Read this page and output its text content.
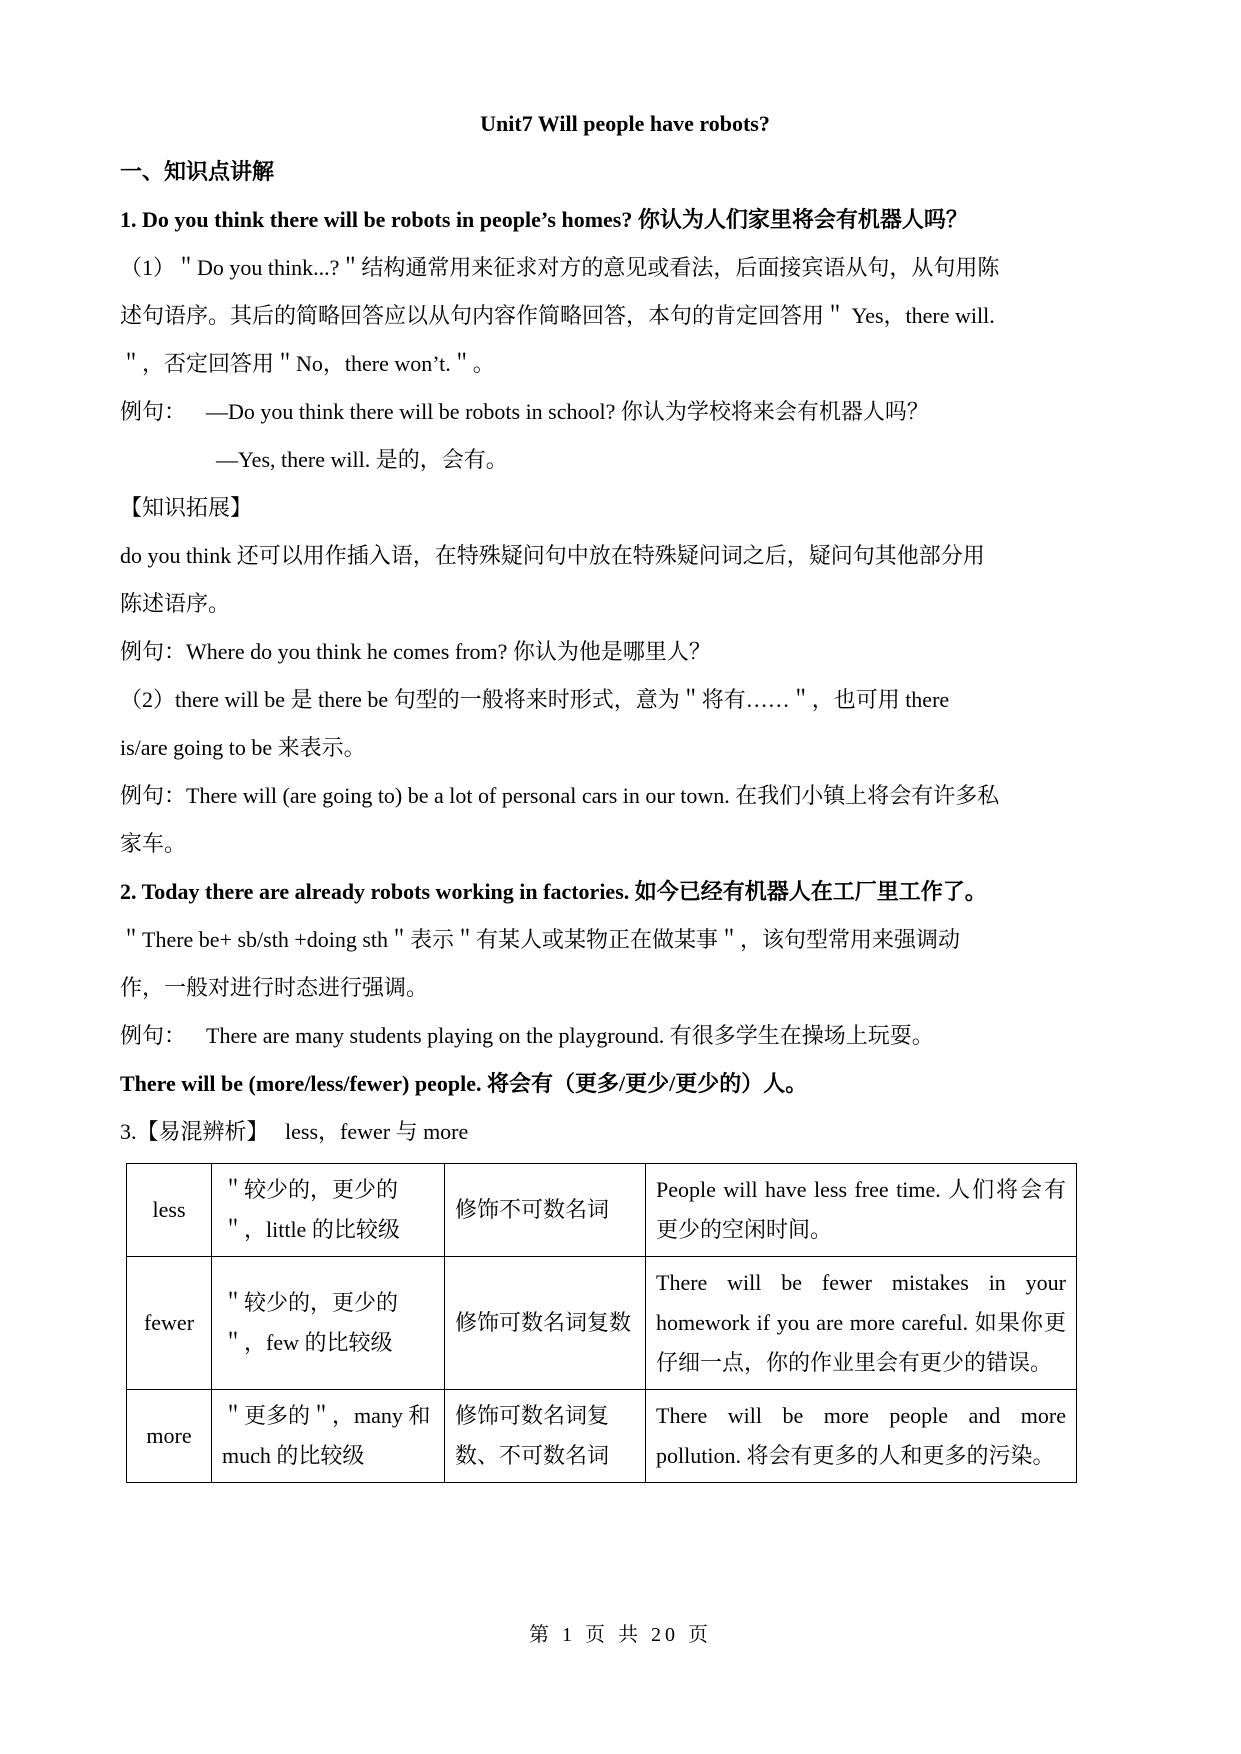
Unit7 Will people have robots?

一、知识点讲解

1. Do you think there will be robots in people’s homes? 你认为人们家里将会有机器人吗？

（1）＂Do you think...?＂结构通常用来征求对方的意见或看法，后面接宾语从句，从句用陈

述句语序。其后的简略回答应以从句内容作简略回答，本句的肯定回答用＂ Yes，there will.

＂，否定回答用＂No，there won’t.＂。

例句： —Do you think there will be robots in school? 你认为学校将来会有机器人吗？

—Yes, there will. 是的，会有。

【知识拓展】

do you think 还可以用作插入语，在特殊疑问句中放在特殊疑问词之后，疑问句其他部分用

陈述语序。

例句：Where do you think he comes from? 你认为他是哪里人？

（2）there will be 是 there be 句型的一般将来时形式，意为＂将有……＂，也可用 there

is/are going to be 来表示。

例句：There will (are going to) be a lot of personal cars in our town. 在我们小镇上将会有许多私

家车。

2. Today there are already robots working in factories. 如今已经有机器人在工厂里工作了。

＂There be+ sb/sth +doing sth＂表示＂有某人或某物正在做某事＂，该句型常用来强调动

作，一般对进行时态进行强调。

例句： There are many students playing on the playground. 有很多学生在操场上玩耍。

There will be (more/less/fewer) people. 将会有（更多/更少/更少的）人。

3.【易混辨析】　 less，fewer 与 more

less	＂较少的，更少的＂，little 的比较级	修饰不可数名词	People will have less free time. 人们将会有更少的空闲时间。
fewer	＂较少的，更少的＂，few 的比较级	修饰可数名词复数	There will be fewer mistakes in your homework if you are more careful. 如果你更仔细一点，你的作业里会有更少的错误。
more	＂更多的＂，many 和 much 的比较级	修饰可数名词复数、不可数名词	There will be more people and more pollution. 将会有更多的人和更多的污染。
第 1 页 共 20 页
